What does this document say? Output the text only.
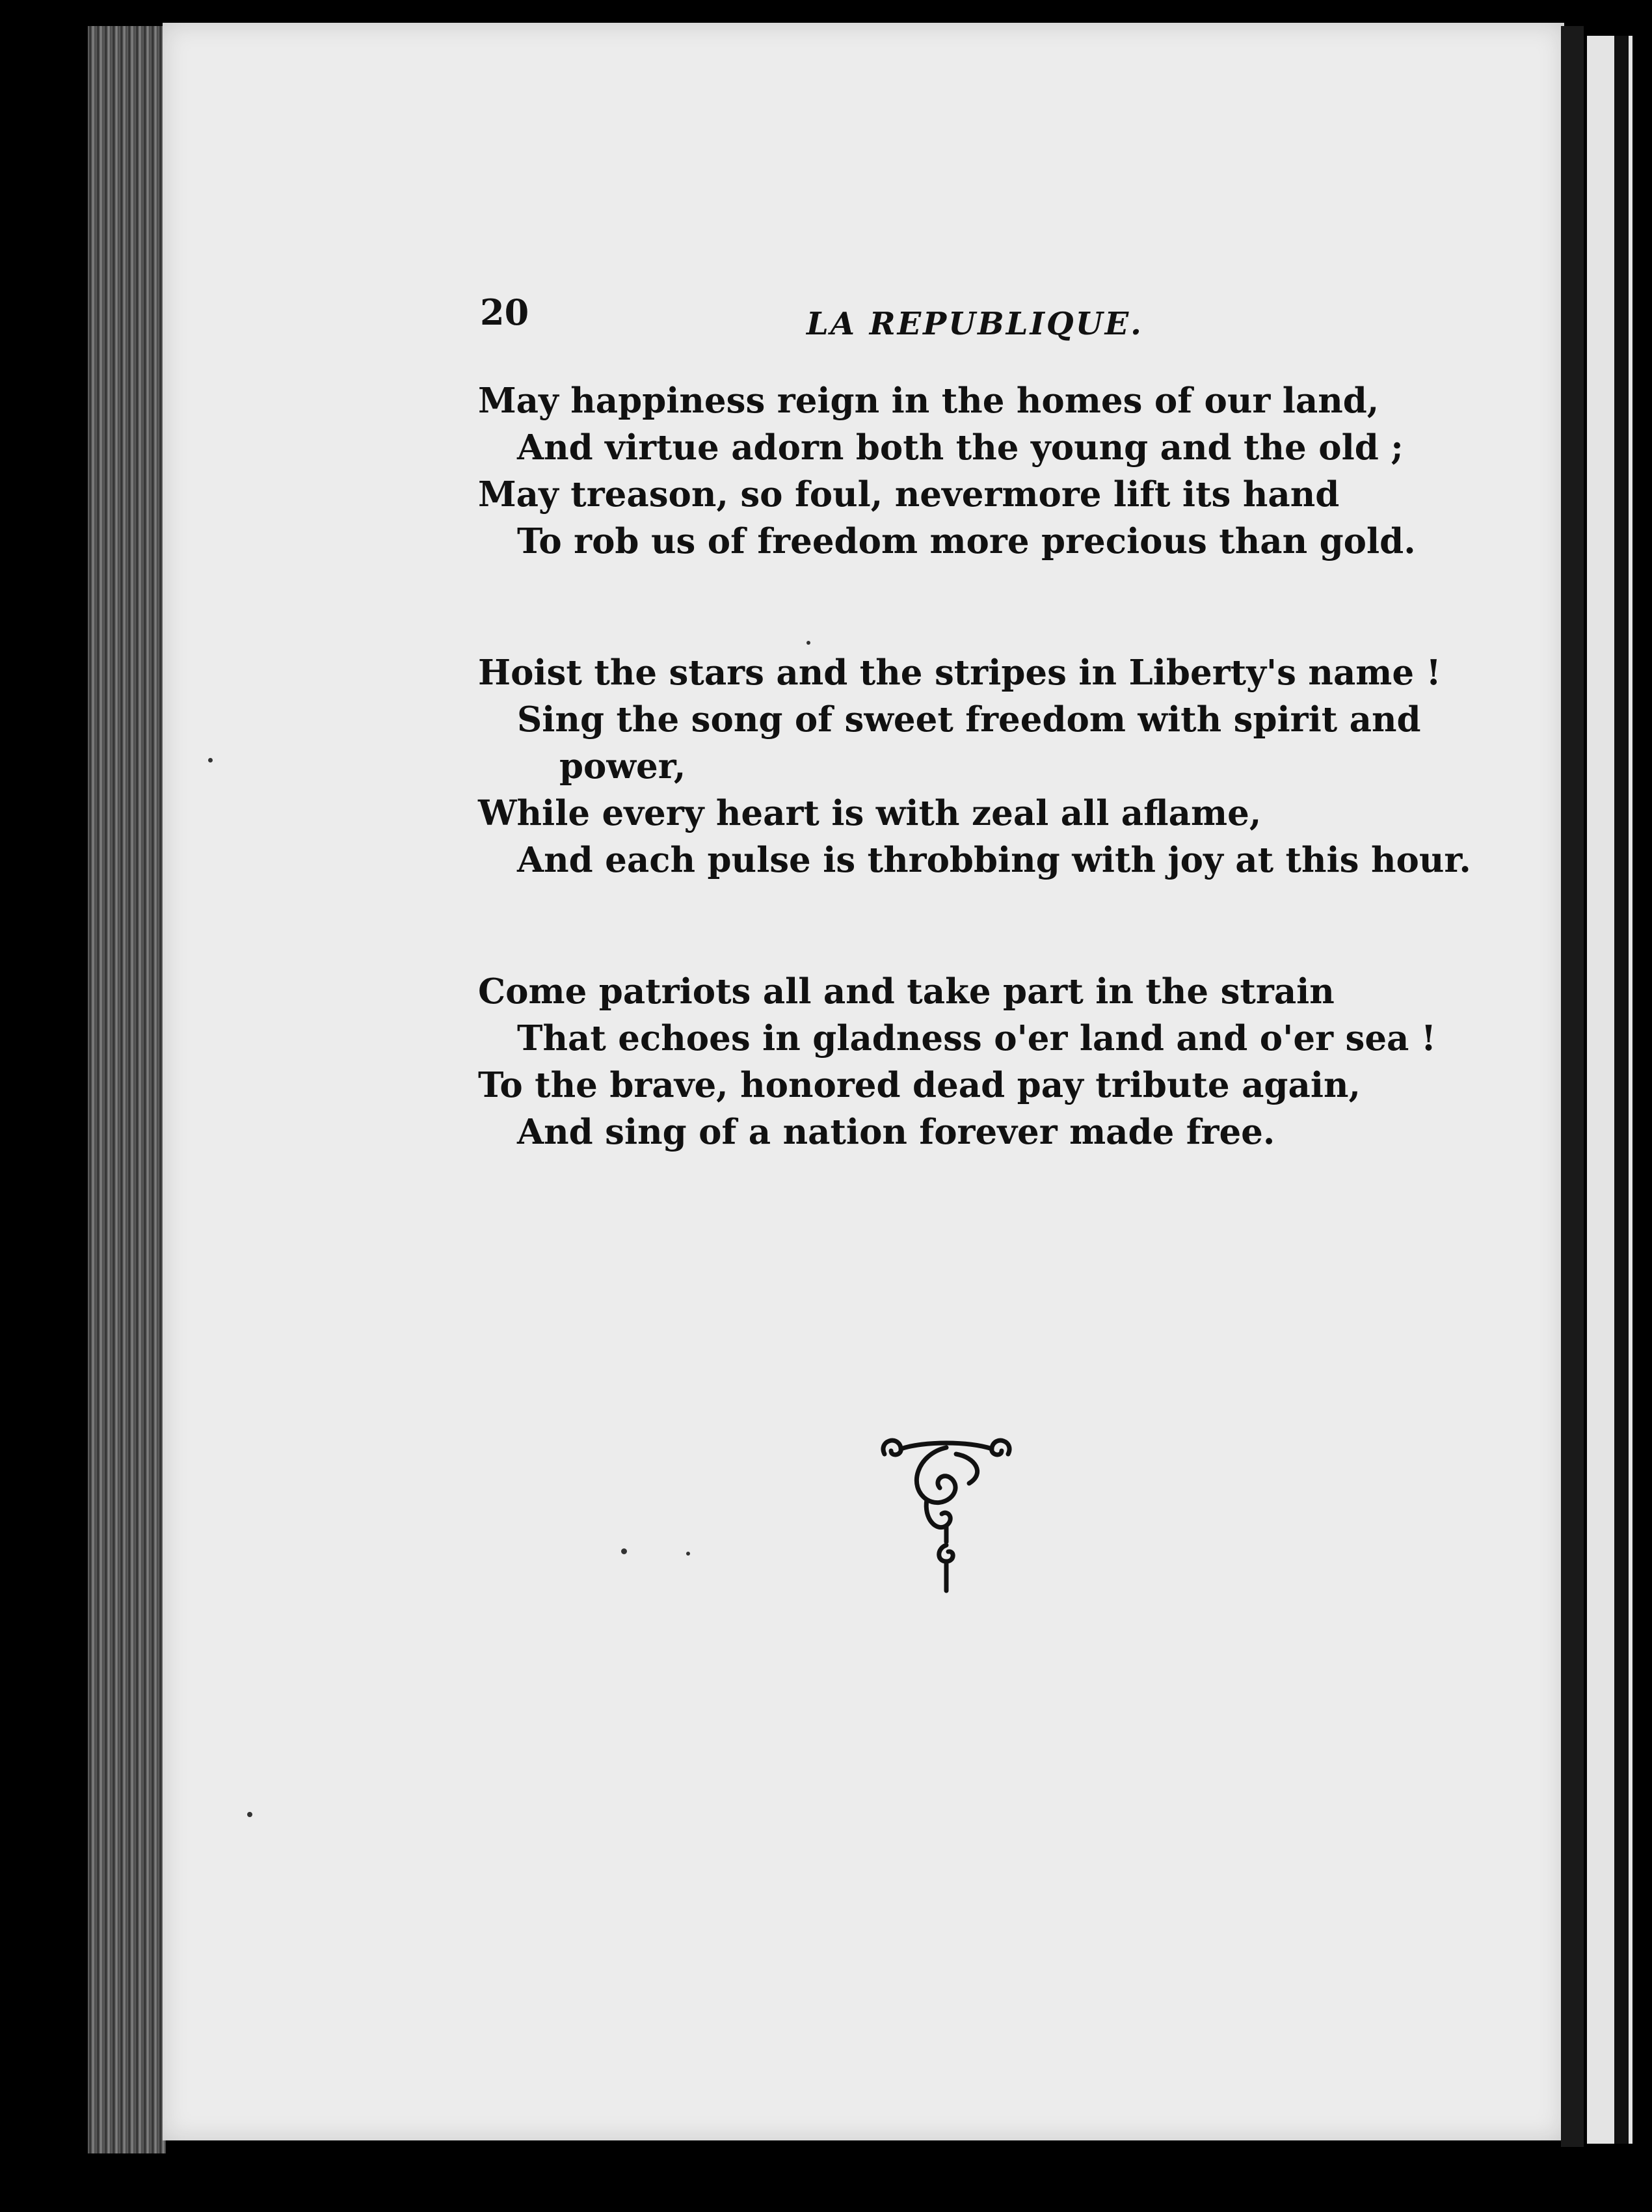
20	LA REPUBLIQUE.
May happiness reign in the homes of our land,
And virtue adorn both the young and the old ;
May treason, so foul, nevermore lift its hand
To rob us of freedom more precious than gold.
Hoist the stars and the stripes in Liberty's name !
Sing the song of sweet freedom with spirit and
power,
While every heart is with zeal all aflame,
And each pulse is throbbing with joy at this hour.
Come patriots all and take part in the strain
That echoes in gladness o'er land and o'er sea !
To the brave, honored dead pay tribute again,
And sing of a nation forever made free.
